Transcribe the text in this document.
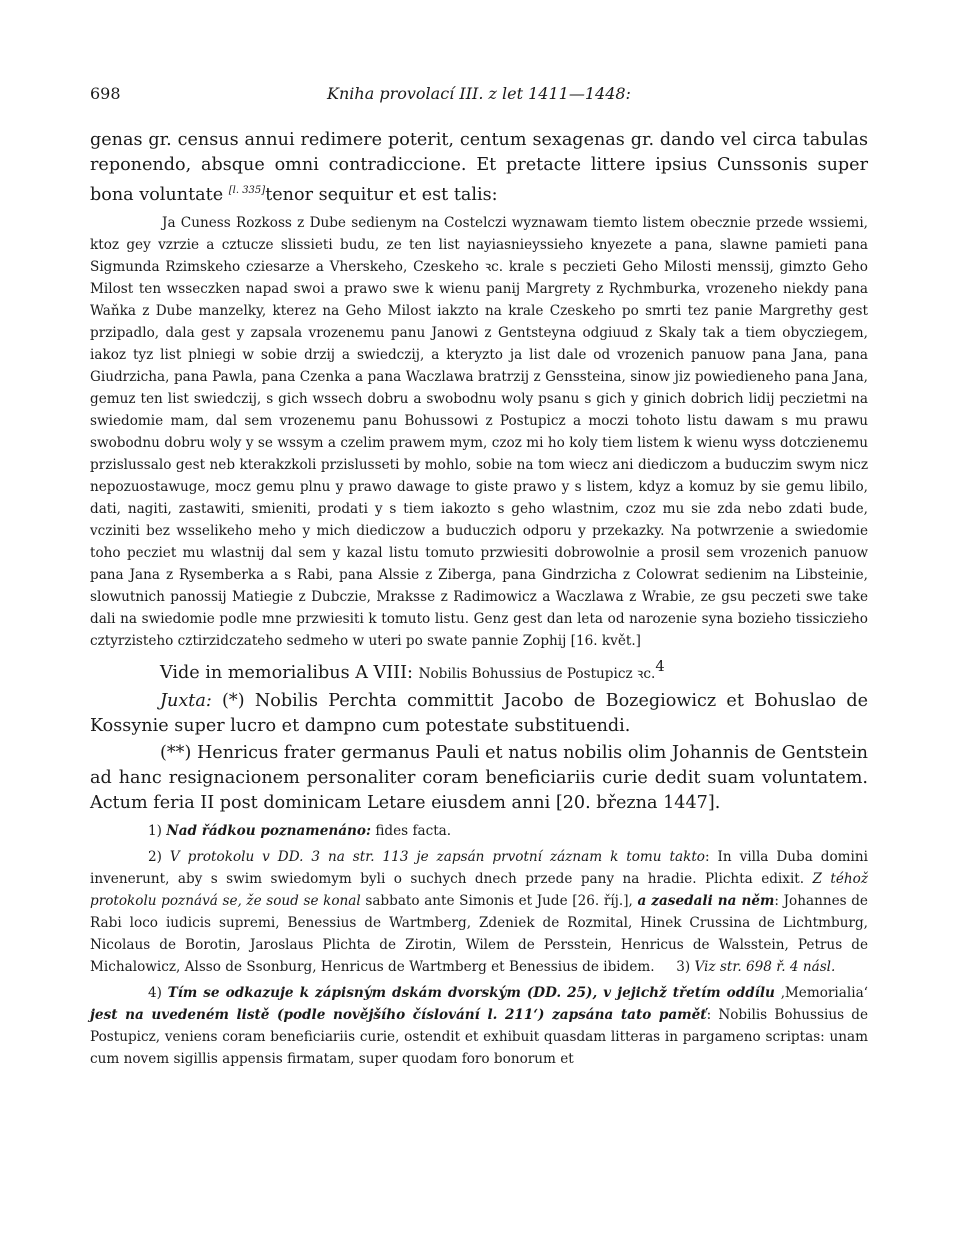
698	Kniha provolací III. z let 1411—1448:

genas gr. census annui redimere poterit, centum sexagenas gr. dando vel circa tabulas reponendo, absque omni contradiccione. Et pretacte littere ipsius Cunssonis super bona voluntate [l. 335]tenor sequitur et est talis:

Ja Cuness Rozkoss z Dube sedienym na Costelczi wyznawam tiemto listem obecznie przede wssiemi, ktoz gey vzrzie a cztucze slissieti budu, ze ten list nayiasnieyssieho knyezete a pana, slawne pamieti pana Sigmunda Rzimskeho cziesarze a Vherskeho, Czeskeho ꝛc. krale s peczieti Geho Milosti menssij, gimzto Geho Milost ten wsseczken napad swoi a prawo swe k wienu panij Margrety z Rychmburka, vrozeneho niekdy pana Waňka z Dube manzelky, kterez na Geho Milost iakzto na krale Czeskeho po smrti tez panie Margrethy gest przipadlo, dala gest y zapsala vrozenemu panu Janowi z Gentsteyna odgiuud z Skaly tak a tiem obycziegem, iakoz tyz list plniegi w sobie drzij a swiedczij, a kteryzto ja list dale od vrozenich panuow pana Jana, pana Giudrzicha, pana Pawla, pana Czenka a pana Waczlawa bratrzij z Genssteina, sinow jiz powiedieneho pana Jana, gemuz ten list swiedczij, s gich wssech dobru a swobodnu woly psanu s gich y ginich dobrich lidij peczietmi na swiedomie mam, dal sem vrozenemu panu Bohussowi z Postupicz a moczi tohoto listu dawam s mu prawu swobodnu dobru woly y se wssym a czelim prawem mym, czoz mi ho koly tiem listem k wienu wyss dotczienemu przislussalo gest neb kterakzkoli przislusseti by mohlo, sobie na tom wiecz ani diediczom a buduczim swym nicz nepozuostawuge, mocz gemu plnu y prawo dawage to giste prawo y s listem, kdyz a komuz by sie gemu libilo, dati, nagiti, zastawiti, smieniti, prodati y s tiem iakozto s geho wlastnim, czoz mu sie zda nebo zdati bude, vcziniti bez wsselikeho meho y mich diediczow a buduczich odporu y przekazky. Na potwrzenie a swiedomie toho pecziet mu wlastnij dal sem y kazal listu tomuto przwiesiti dobrowolnie a prosil sem vrozenich panuow pana Jana z Rysemberka a s Rabi, pana Alssie z Ziberga, pana Gindrzicha z Colowrat sedienim na Libsteinie, slowutnich panossij Matiegie z Dubczie, Mraksse z Radimowicz a Waczlawa z Wrabie, ze gsu peczeti swe take dali na swiedomie podle mne przwiesiti k tomuto listu. Genz gest dan leta od narozenie syna bozieho tissiczieho cztyrzisteho cztirzidczateho sedmeho w uteri po swate pannie Zophij [16. květ.]

Vide in memorialibus A VIII: Nobilis Bohussius de Postupicz ꝛc.$^4$

Juxta: (*) Nobilis Perchta committit Jacobo de Bozegiowicz et Bohuslao de Kossynie super lucro et dampno cum potestate substituendi.

(**) Henricus frater germanus Pauli et natus nobilis olim Johannis de Gentstein ad hanc resignacionem personaliter coram beneficiariis curie dedit suam voluntatem. Actum feria II post dominicam Letare eiusdem anni [20. března 1447].

1) Nad řádkou poznamenáno: fides facta.

2) V protokolu v DD. 3 na str. 113 je zapsán prvotní záznam k tomu takto: In villa Duba domini invenerunt, aby s swim swiedomym byli o suchych dnech przede pany na hradie. Plichta edixit. Z téhož protokolu poznává se, že soud se konal sabbato ante Simonis et Jude [26. říj.], a zasedali na něm: Johannes de Rabi loco iudicis supremi, Benessius de Wartmberg, Zdeniek de Rozmital, Hinek Crussina de Lichtmburg, Nicolaus de Borotin, Jaroslaus Plichta de Zirotin, Wilem de Persstein, Henricus de Walsstein, Petrus de Michalowicz, Alsso de Ssonburg, Henricus de Wartmberg et Benessius de ibidem. 3) Viz str. 698 ř. 4 násl.

4) Tím se odkazuje k zápisným dskám dvorským (DD. 25), v jejichž třetím oddílu ‚Memorialia‘ jest na uvedeném listě (podle novějšího číslování l. 211‘) zapsána tato paměť: Nobilis Bohussius de Postupicz, veniens coram beneficiariis curie, ostendit et exhibuit quasdam litteras in pargameno scriptas: unam cum novem sigillis appensis firmatam, super quodam foro bonorum et
